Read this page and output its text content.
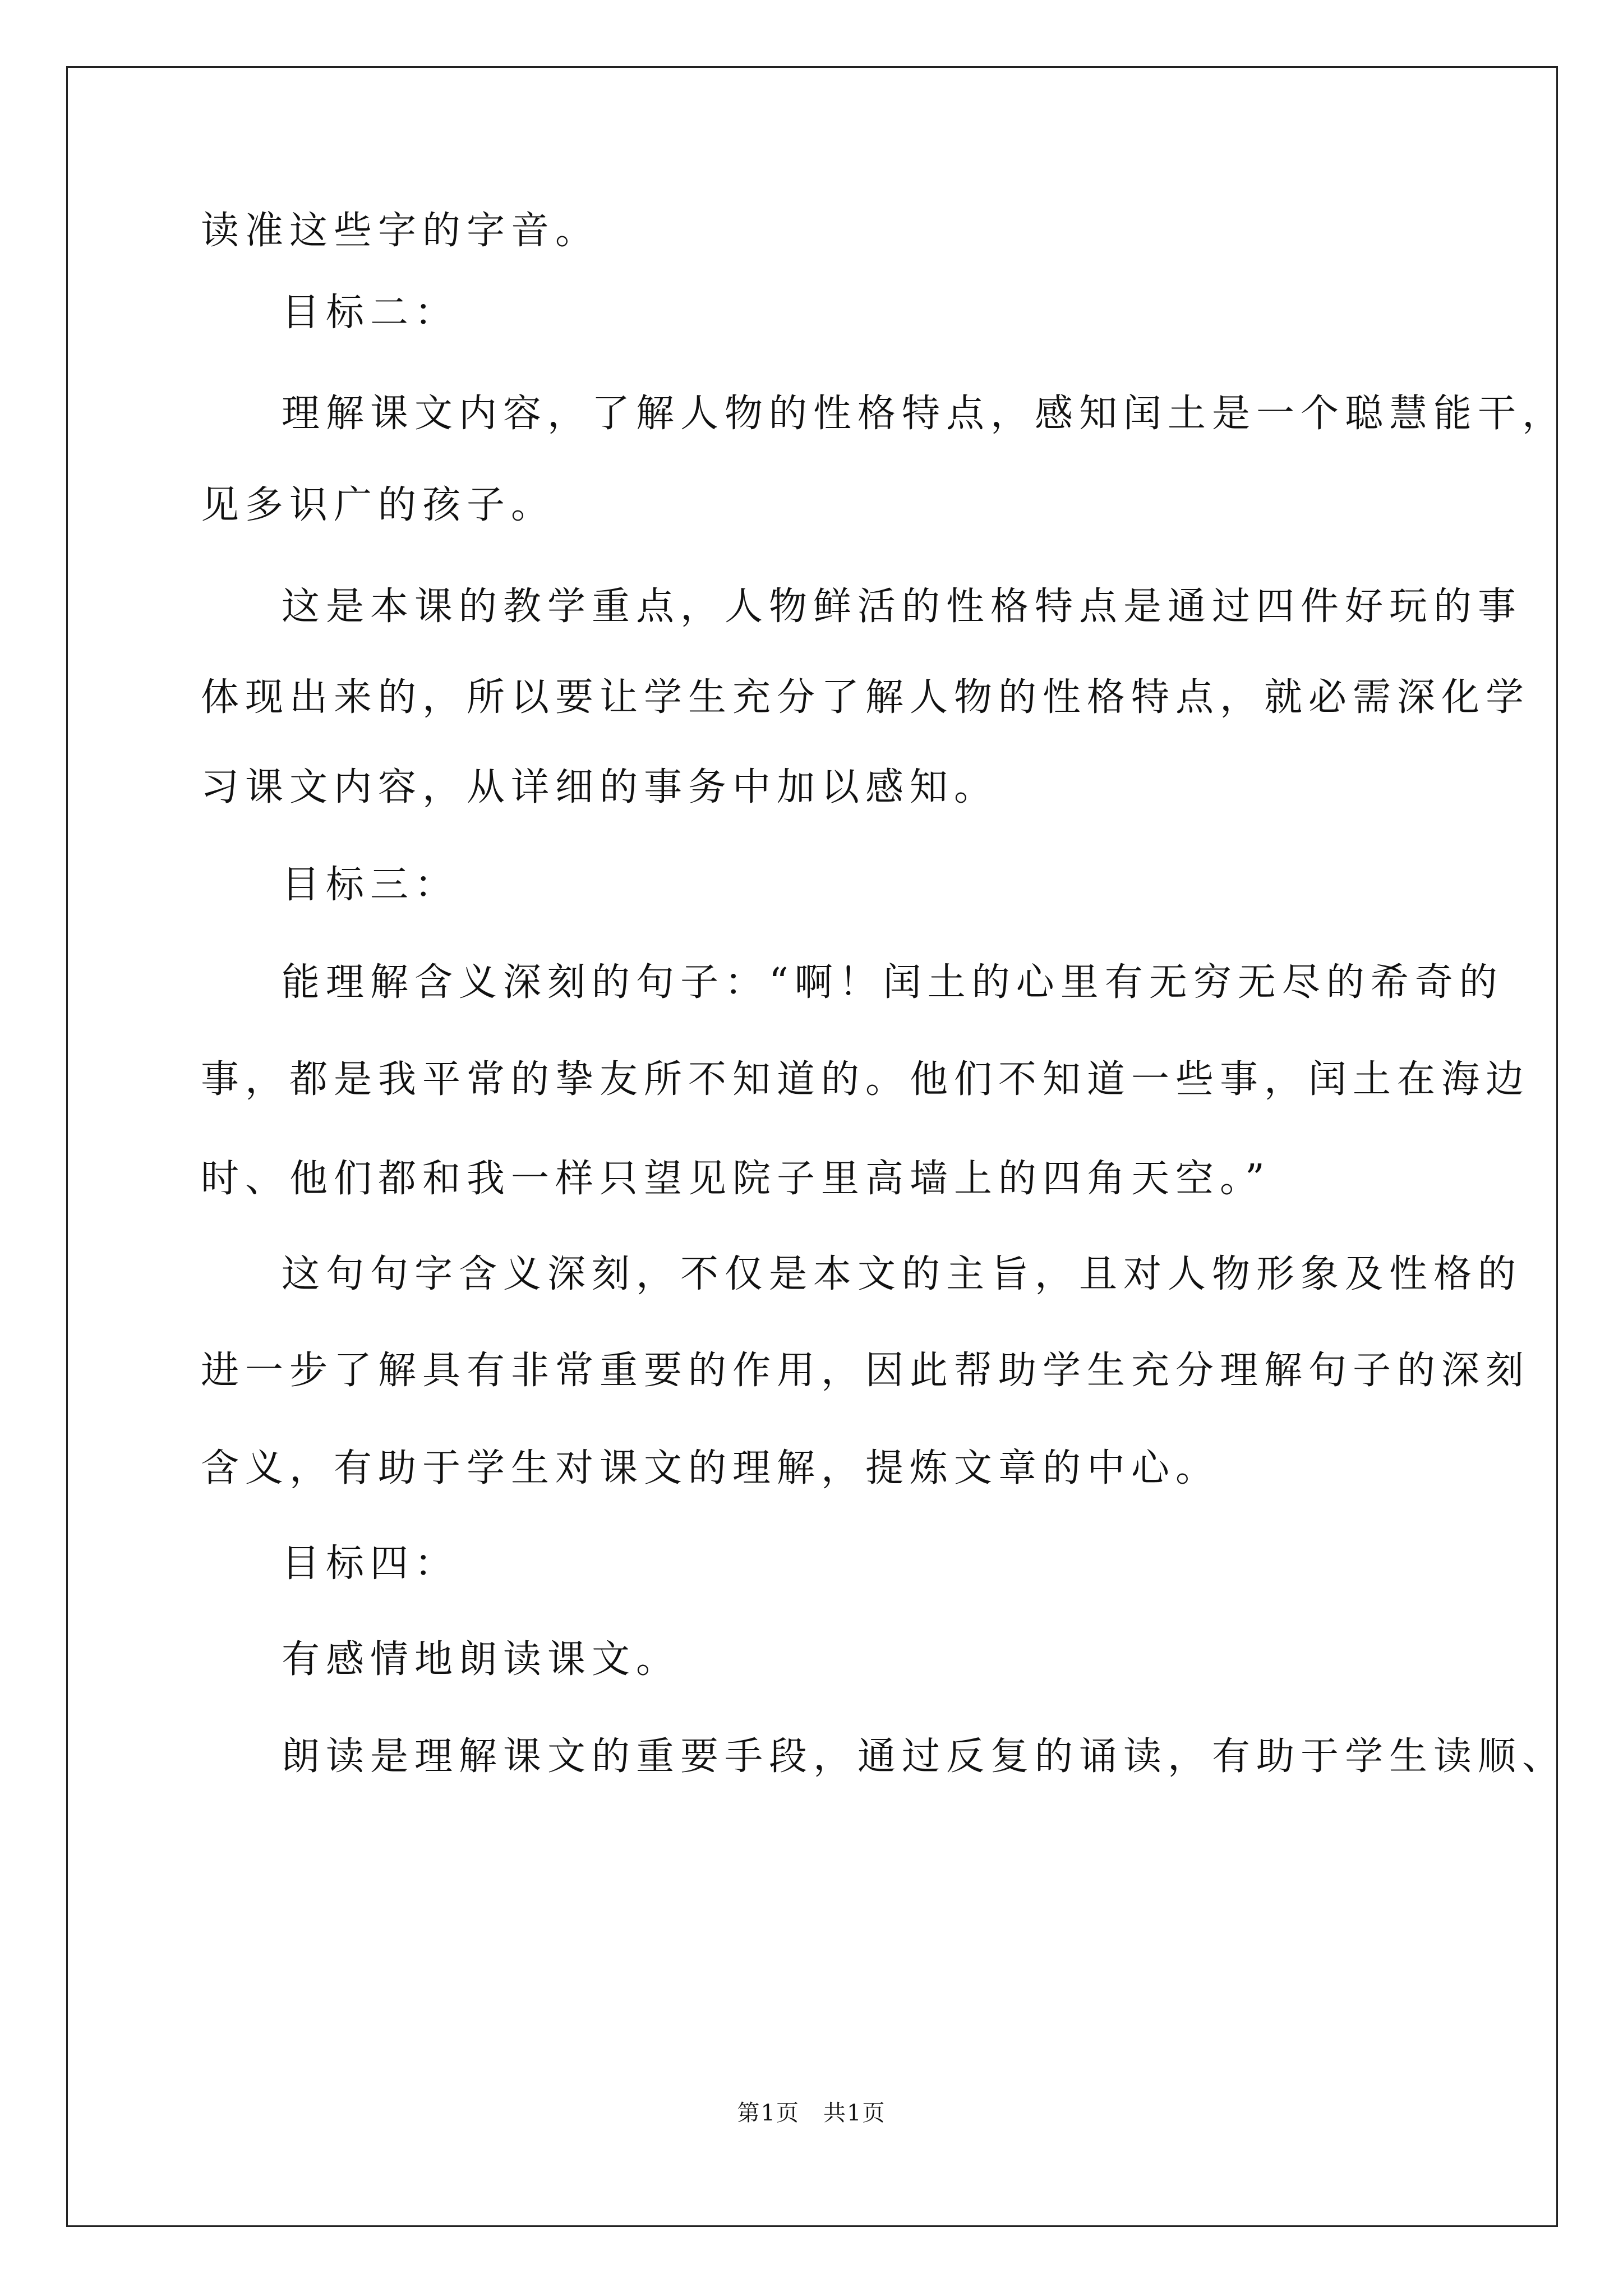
读准这些字的字音。
目标二：
理解课文内容，了解人物的性格特点，感知闰土是一个聪慧能干，
见多识广的孩子。
这是本课的教学重点，人物鲜活的性格特点是通过四件好玩的事
体现出来的，所以要让学生充分了解人物的性格特点，就必需深化学
习课文内容，从详细的事务中加以感知。
目标三：
能理解含义深刻的句子：“啊！闰土的心里有无穷无尽的希奇的
事，都是我平常的挚友所不知道的。他们不知道一些事，闰土在海边
时、他们都和我一样只望见院子里高墙上的四角天空。”
这句句字含义深刻，不仅是本文的主旨，且对人物形象及性格的
进一步了解具有非常重要的作用，因此帮助学生充分理解句子的深刻
含义，有助于学生对课文的理解，提炼文章的中心。
目标四：
有感情地朗读课文。
朗读是理解课文的重要手段，通过反复的诵读，有助于学生读顺、
第1页　共1页
